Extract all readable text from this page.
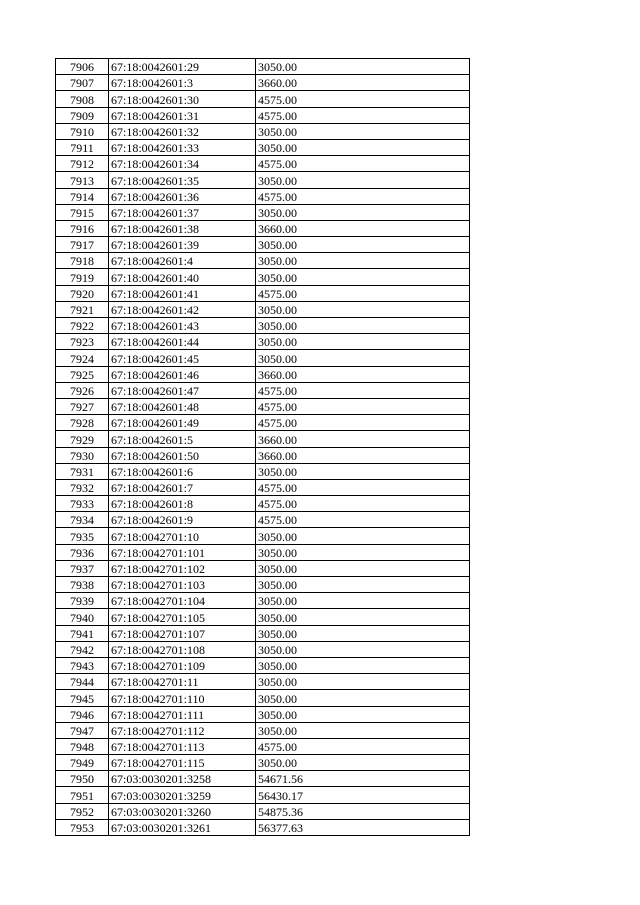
7906	67:18:0042601:29	3050.00
7907	67:18:0042601:3	3660.00
7908	67:18:0042601:30	4575.00
7909	67:18:0042601:31	4575.00
7910	67:18:0042601:32	3050.00
7911	67:18:0042601:33	3050.00
7912	67:18:0042601:34	4575.00
7913	67:18:0042601:35	3050.00
7914	67:18:0042601:36	4575.00
7915	67:18:0042601:37	3050.00
7916	67:18:0042601:38	3660.00
7917	67:18:0042601:39	3050.00
7918	67:18:0042601:4	3050.00
7919	67:18:0042601:40	3050.00
7920	67:18:0042601:41	4575.00
7921	67:18:0042601:42	3050.00
7922	67:18:0042601:43	3050.00
7923	67:18:0042601:44	3050.00
7924	67:18:0042601:45	3050.00
7925	67:18:0042601:46	3660.00
7926	67:18:0042601:47	4575.00
7927	67:18:0042601:48	4575.00
7928	67:18:0042601:49	4575.00
7929	67:18:0042601:5	3660.00
7930	67:18:0042601:50	3660.00
7931	67:18:0042601:6	3050.00
7932	67:18:0042601:7	4575.00
7933	67:18:0042601:8	4575.00
7934	67:18:0042601:9	4575.00
7935	67:18:0042701:10	3050.00
7936	67:18:0042701:101	3050.00
7937	67:18:0042701:102	3050.00
7938	67:18:0042701:103	3050.00
7939	67:18:0042701:104	3050.00
7940	67:18:0042701:105	3050.00
7941	67:18:0042701:107	3050.00
7942	67:18:0042701:108	3050.00
7943	67:18:0042701:109	3050.00
7944	67:18:0042701:11	3050.00
7945	67:18:0042701:110	3050.00
7946	67:18:0042701:111	3050.00
7947	67:18:0042701:112	3050.00
7948	67:18:0042701:113	4575.00
7949	67:18:0042701:115	3050.00
7950	67:03:0030201:3258	54671.56
7951	67:03:0030201:3259	56430.17
7952	67:03:0030201:3260	54875.36
7953	67:03:0030201:3261	56377.63
